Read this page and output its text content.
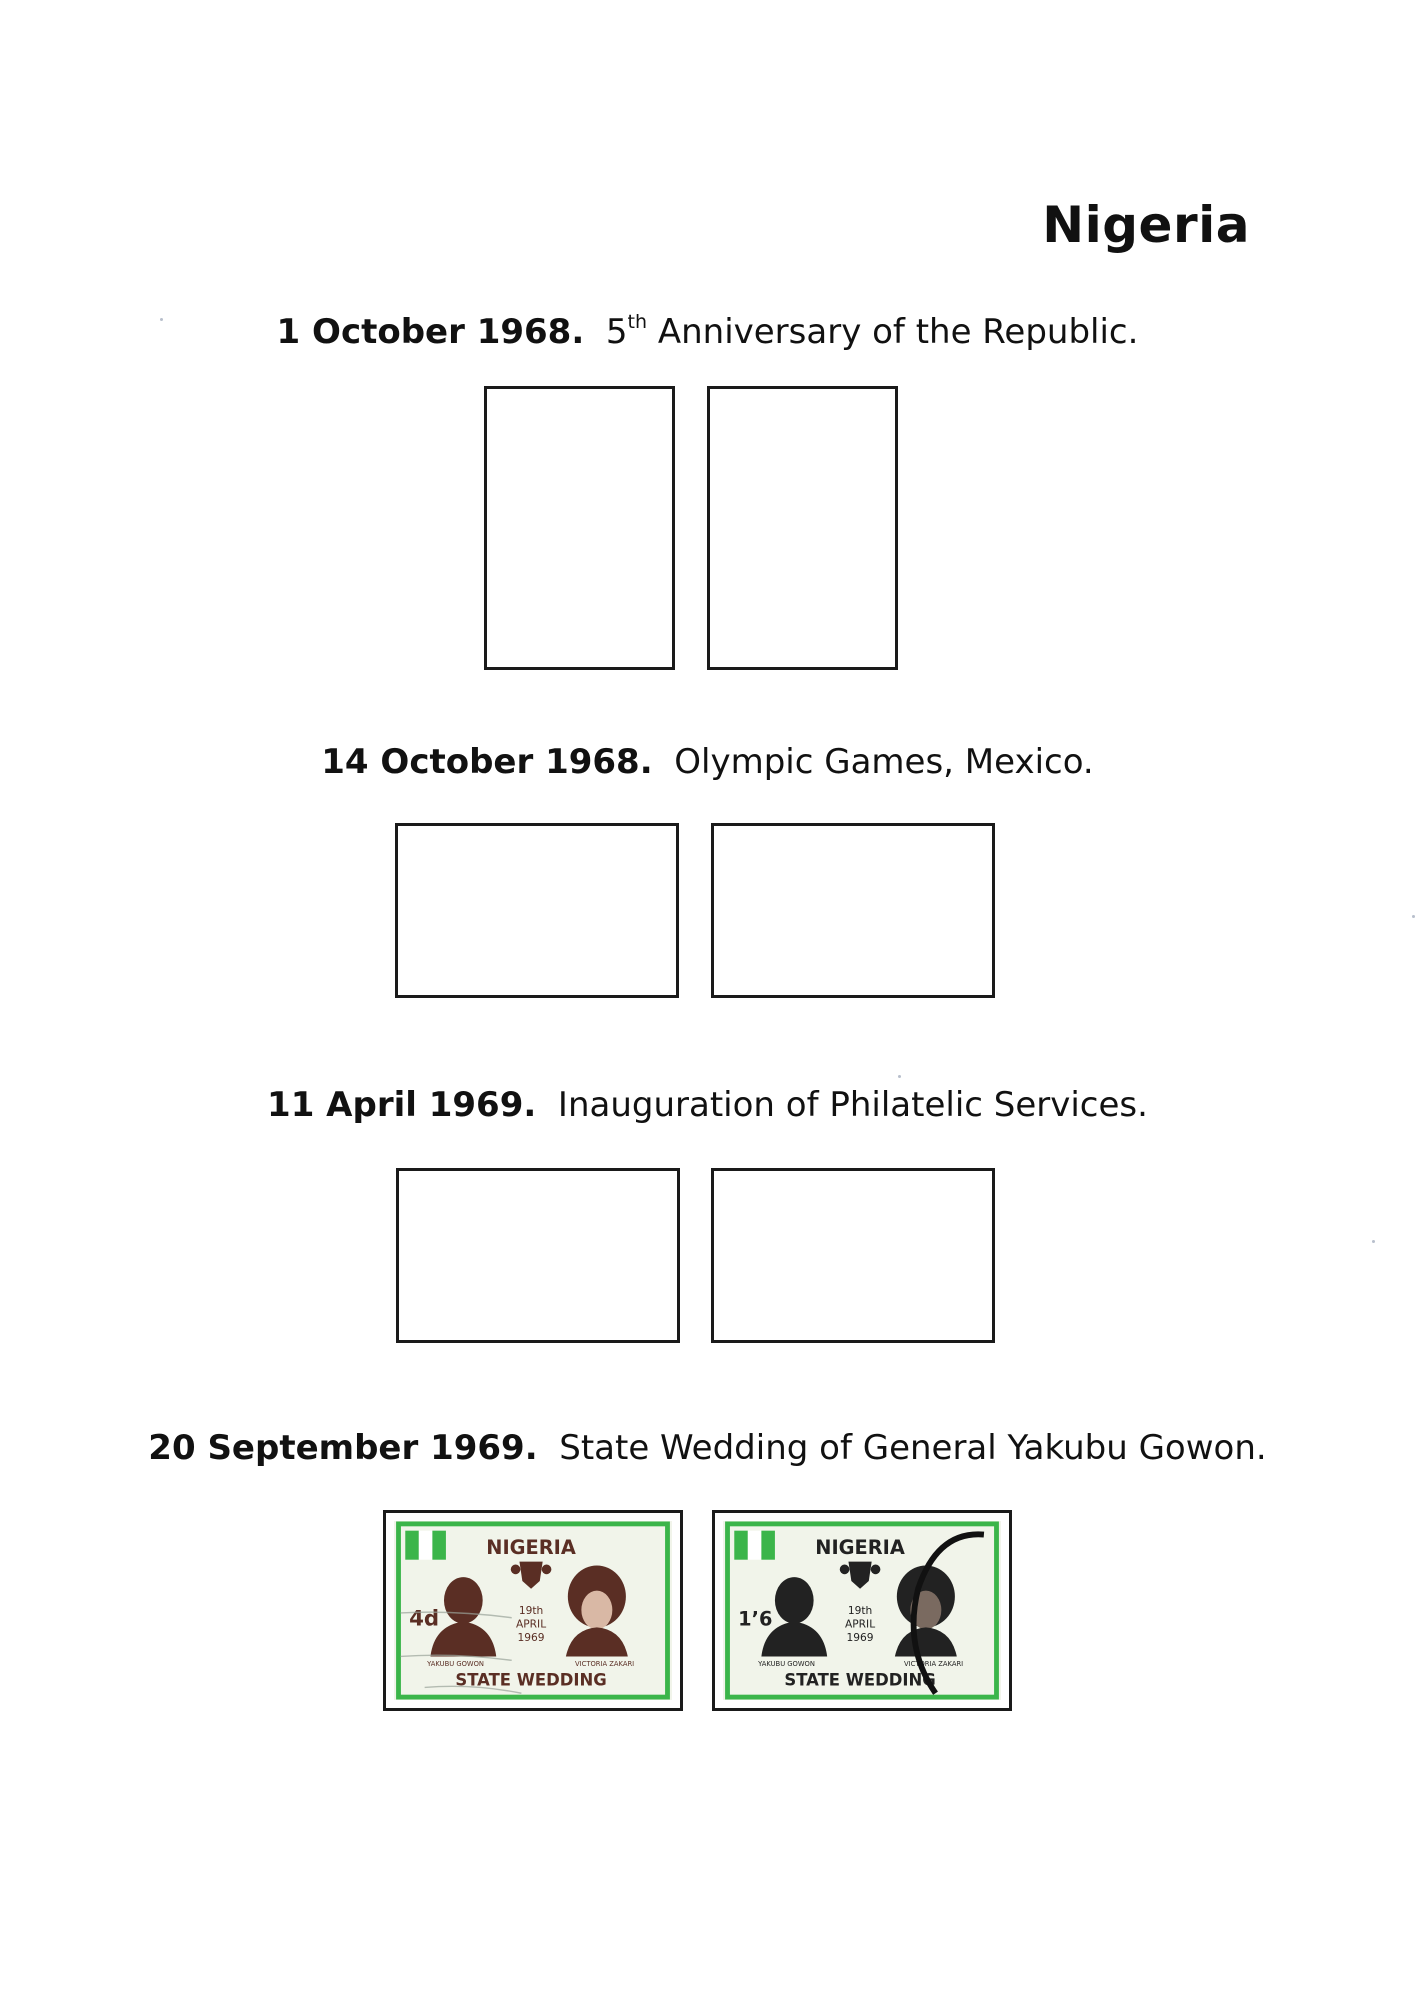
Nigeria

1 October 1968. 5th Anniversary of the Republic.

14 October 1968. Olympic Games, Mexico.

11 April 1969. Inauguration of Philatelic Services.

20 September 1969. State Wedding of General Yakubu Gowon.

NIGERIA
4d	19th
APRIL
1969
YAKUBU GOWON	VICTORIA ZAKARI
STATE WEDDING
NIGERIA
1’6	19th
APRIL
1969
YAKUBU GOWON	VICTORIA ZAKARI
STATE WEDDING
